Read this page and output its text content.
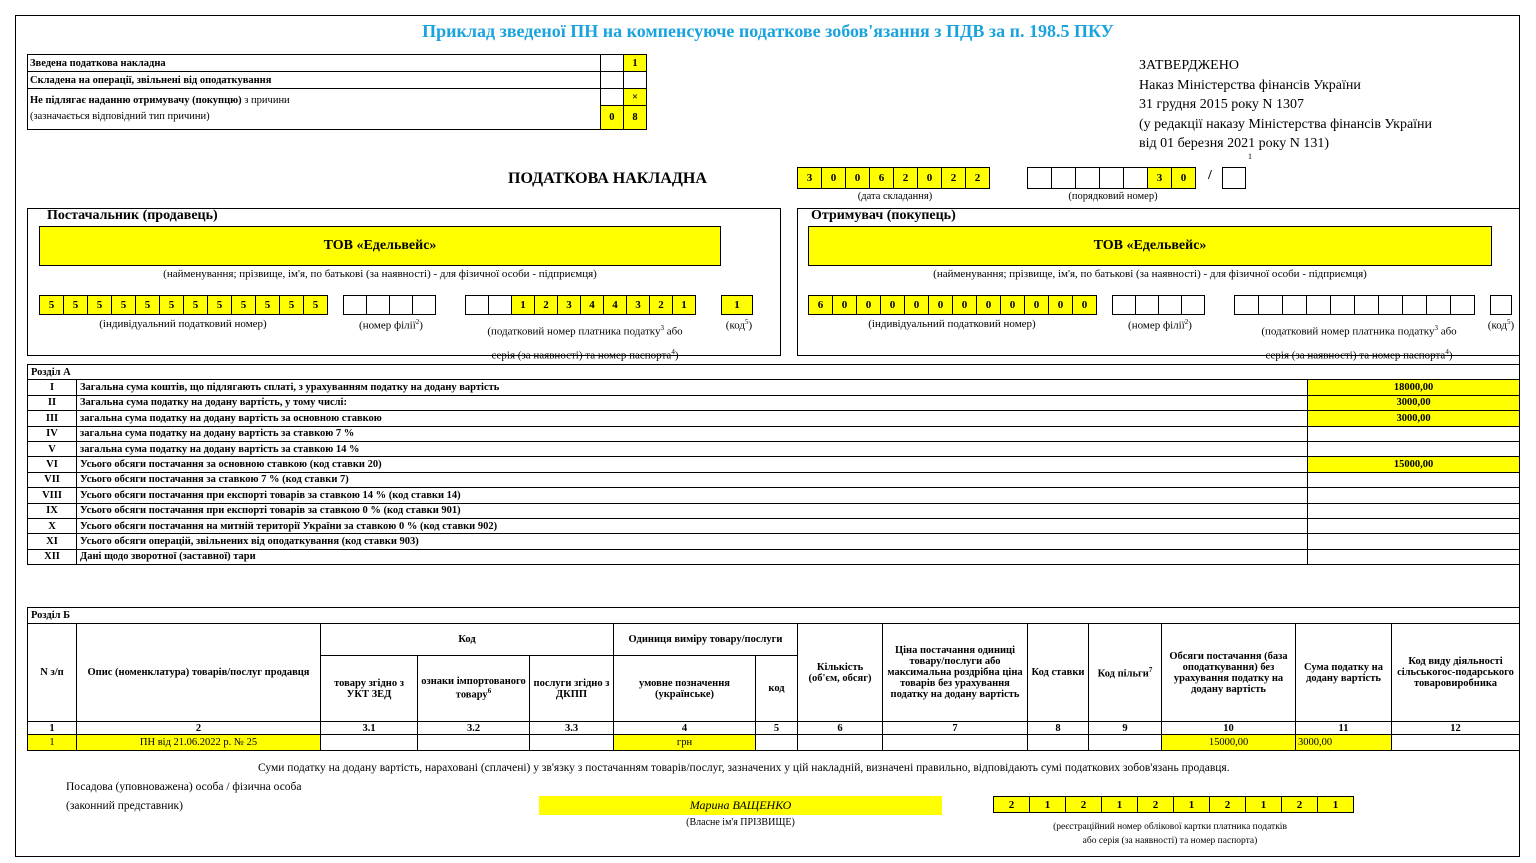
Приклад зведеної ПН на компенсуюче податкове зобов'язання з ПДВ за п. 198.5 ПКУ
Зведена податкова накладна		1
Складена на операції, звільнені від оподаткування		
Не підлягає наданню отримувачу (покупцю) з причини
(зазначається відповідний тип причини)		×
	0	8
ЗАТВЕРДЖЕНО
Наказ Міністерства фінансів України
31 грудня 2015 року N 1307
(у редакції наказу Міністерства фінансів України
від 01 березня 2021 року N 131)
ПОДАТКОВА НАКЛАДНА	3	0	0	6	2	0	2	2
(дата складання)
3	0
(порядковий номер)
/
1
Постачальник (продавець)
ТОВ «Едельвейс»
(найменування; прізвище, ім'я, по батькові (за наявності) - для фізичної особи - підприємця)
5	5	5	5	5	5	5	5	5	5	5	5
(індивідуальний податковий номер)	(номер філії$^2$)
1	2	3	4	4	3	2	1
(податковий номер платника податку$^3$ або
серія (за наявності) та номер паспорта$^4$)
1
(код$^5$)
Отримувач (покупець)
ТОВ «Едельвейс»
(найменування; прізвище, ім'я, по батькові (за наявності) - для фізичної особи - підприємця)
6	0	0	0	0	0	0	0	0	0	0	0
(індивідуальний податковий номер)	(номер філії$^2$)	(податковий номер платника податку$^3$ або
серія (за наявності) та номер паспорта$^4$)
(код$^5$)
Розділ А		
I	Загальна сума коштів, що підлягають сплаті, з урахуванням податку на додану вартість	18000,00
II	Загальна сума податку на додану вартість, у тому числі:	3000,00
III	загальна сума податку на додану вартість за основною ставкою	3000,00
IV	загальна сума податку на додану вартість за ставкою 7 %	
V	загальна сума податку на додану вартість за ставкою 14 %	
VI	Усього обсяги постачання за основною ставкою (код ставки 20)	15000,00
VII	Усього обсяги постачання за ставкою 7 % (код ставки 7)	
VIII	Усього обсяги постачання при експорті товарів за ставкою 14 % (код ставки 14)	
IX	Усього обсяги постачання при експорті товарів за ставкою 0 % (код ставки 901)	
X	Усього обсяги постачання на митній території України за ставкою 0 % (код ставки 902)	
XI	Усього обсяги операцій, звільнених від оподаткування (код ставки 903)	
XII	Дані щодо зворотної (заставної) тари	
Розділ Б													
N з/п	Опис (номенклатура) товарів/послуг продавця	Код			Одиниця виміру товару/послуги		Кількість (об'єм, обсяг)	Ціна постачання одиниці товару/послуги або максимальна роздрібна ціна товарів без урахування податку на додану вартість	Код ставки	Код пільги$^7$	Обсяги постачання (база оподаткування) без урахування податку на додану вартість	Сума податку на додану вартість	Код виду діяльності сільськогос-подарського товаровиробника
		товару згідно з УКТ ЗЕД	ознаки імпортованого товару$^6$	послуги згідно з ДКПП	умовне позначення (українське)	код							
1	2	3.1	3.2	3.3	4	5	6	7	8	9	10	11	12
1	ПН від 21.06.2022 р. № 25				грн						15000,00	3000,00	
Суми податку на додану вартість, нараховані (сплачені) у зв'язку з постачанням товарів/послуг, зазначених у цій накладній, визначені правильно, відповідають сумі податкових зобов'язань продавця.
Посадова (уповноважена) особа / фізична особа
(законний представник)	Марина ВАЩЕНКО
(Власне ім'я ПРІЗВИЩЕ)
2	1	2	1	2	1	2	1	2	1
(реєстраційний номер облікової картки платника податків
або серія (за наявності) та номер паспорта)
